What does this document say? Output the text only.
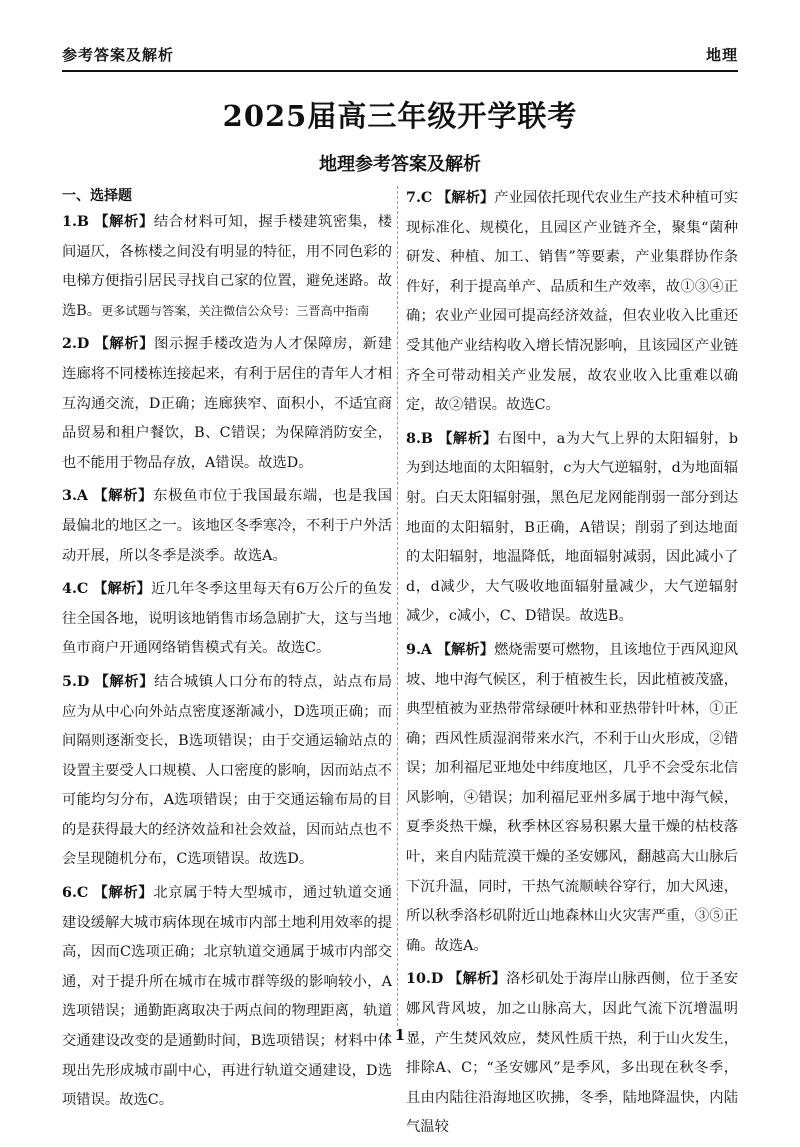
参考答案及解析	地理
2025届高三年级开学联考
地理参考答案及解析
一、选择题

1.B 【解析】结合材料可知，握手楼建筑密集，楼间逼仄，各栋楼之间没有明显的特征，用不同色彩的电梯方便指引居民寻找自己家的位置，避免迷路。故选B。更多试题与答案，关注微信公众号：三晋高中指南

2.D 【解析】图示握手楼改造为人才保障房，新建连廊将不同楼栋连接起来，有利于居住的青年人才相互沟通交流，D正确；连廊狭窄、面积小，不适宜商品贸易和租户餐饮，B、C错误；为保障消防安全，也不能用于物品存放，A错误。故选D。

3.A 【解析】东极鱼市位于我国最东端，也是我国最偏北的地区之一。该地区冬季寒冷，不利于户外活动开展，所以冬季是淡季。故选A。

4.C 【解析】近几年冬季这里每天有6万公斤的鱼发往全国各地，说明该地销售市场急剧扩大，这与当地鱼市商户开通网络销售模式有关。故选C。

5.D 【解析】结合城镇人口分布的特点，站点布局应为从中心向外站点密度逐渐减小，D选项正确；而间隔则逐渐变长，B选项错误；由于交通运输站点的设置主要受人口规模、人口密度的影响，因而站点不可能均匀分布，A选项错误；由于交通运输布局的目的是获得最大的经济效益和社会效益，因而站点也不会呈现随机分布，C选项错误。故选D。

6.C 【解析】北京属于特大型城市，通过轨道交通建设缓解大城市病体现在城市内部土地利用效率的提高，因而C选项正确；北京轨道交通属于城市内部交通，对于提升所在城市在城市群等级的影响较小，A选项错误；通勤距离取决于两点间的物理距离，轨道交通建设改变的是通勤时间，B选项错误；材料中体现出先形成城市副中心，再进行轨道交通建设，D选项错误。故选C。

7.C 【解析】产业园依托现代农业生产技术种植可实现标准化、规模化，且园区产业链齐全，聚集“菌种研发、种植、加工、销售”等要素，产业集群协作条件好，利于提高单产、品质和生产效率，故①③④正确；农业产业园可提高经济效益，但农业收入比重还受其他产业结构收入增长情况影响，且该园区产业链齐全可带动相关产业发展，故农业收入比重难以确定，故②错误。故选C。

8.B 【解析】右图中，a为大气上界的太阳辐射，b为到达地面的太阳辐射，c为大气逆辐射，d为地面辐射。白天太阳辐射强，黑色尼龙网能削弱一部分到达地面的太阳辐射，B正确，A错误；削弱了到达地面的太阳辐射，地温降低，地面辐射减弱，因此减小了d，d减少，大气吸收地面辐射量减少，大气逆辐射减少，c减小，C、D错误。故选B。

9.A 【解析】燃烧需要可燃物，且该地位于西风迎风坡、地中海气候区，利于植被生长，因此植被茂盛，典型植被为亚热带常绿硬叶林和亚热带针叶林，①正确；西风性质湿润带来水汽，不利于山火形成，②错误；加利福尼亚地处中纬度地区，几乎不会受东北信风影响，④错误；加利福尼亚州多属于地中海气候，夏季炎热干燥，秋季林区容易积累大量干燥的枯枝落叶，来自内陆荒漠干燥的圣安娜风，翻越高大山脉后下沉升温，同时，干热气流顺峡谷穿行，加大风速，所以秋季洛杉矶附近山地森林山火灾害严重，③⑤正确。故选A。

10.D 【解析】洛杉矶处于海岸山脉西侧，位于圣安娜风背风坡，加之山脉高大，因此气流下沉增温明显，产生焚风效应，焚风性质干热，利于山火发生，排除A、C；“圣安娜风”是季风，多出现在秋冬季，且由内陆往沿海地区吹拂，冬季，陆地降温快，内陆气温较

· 1 ·
